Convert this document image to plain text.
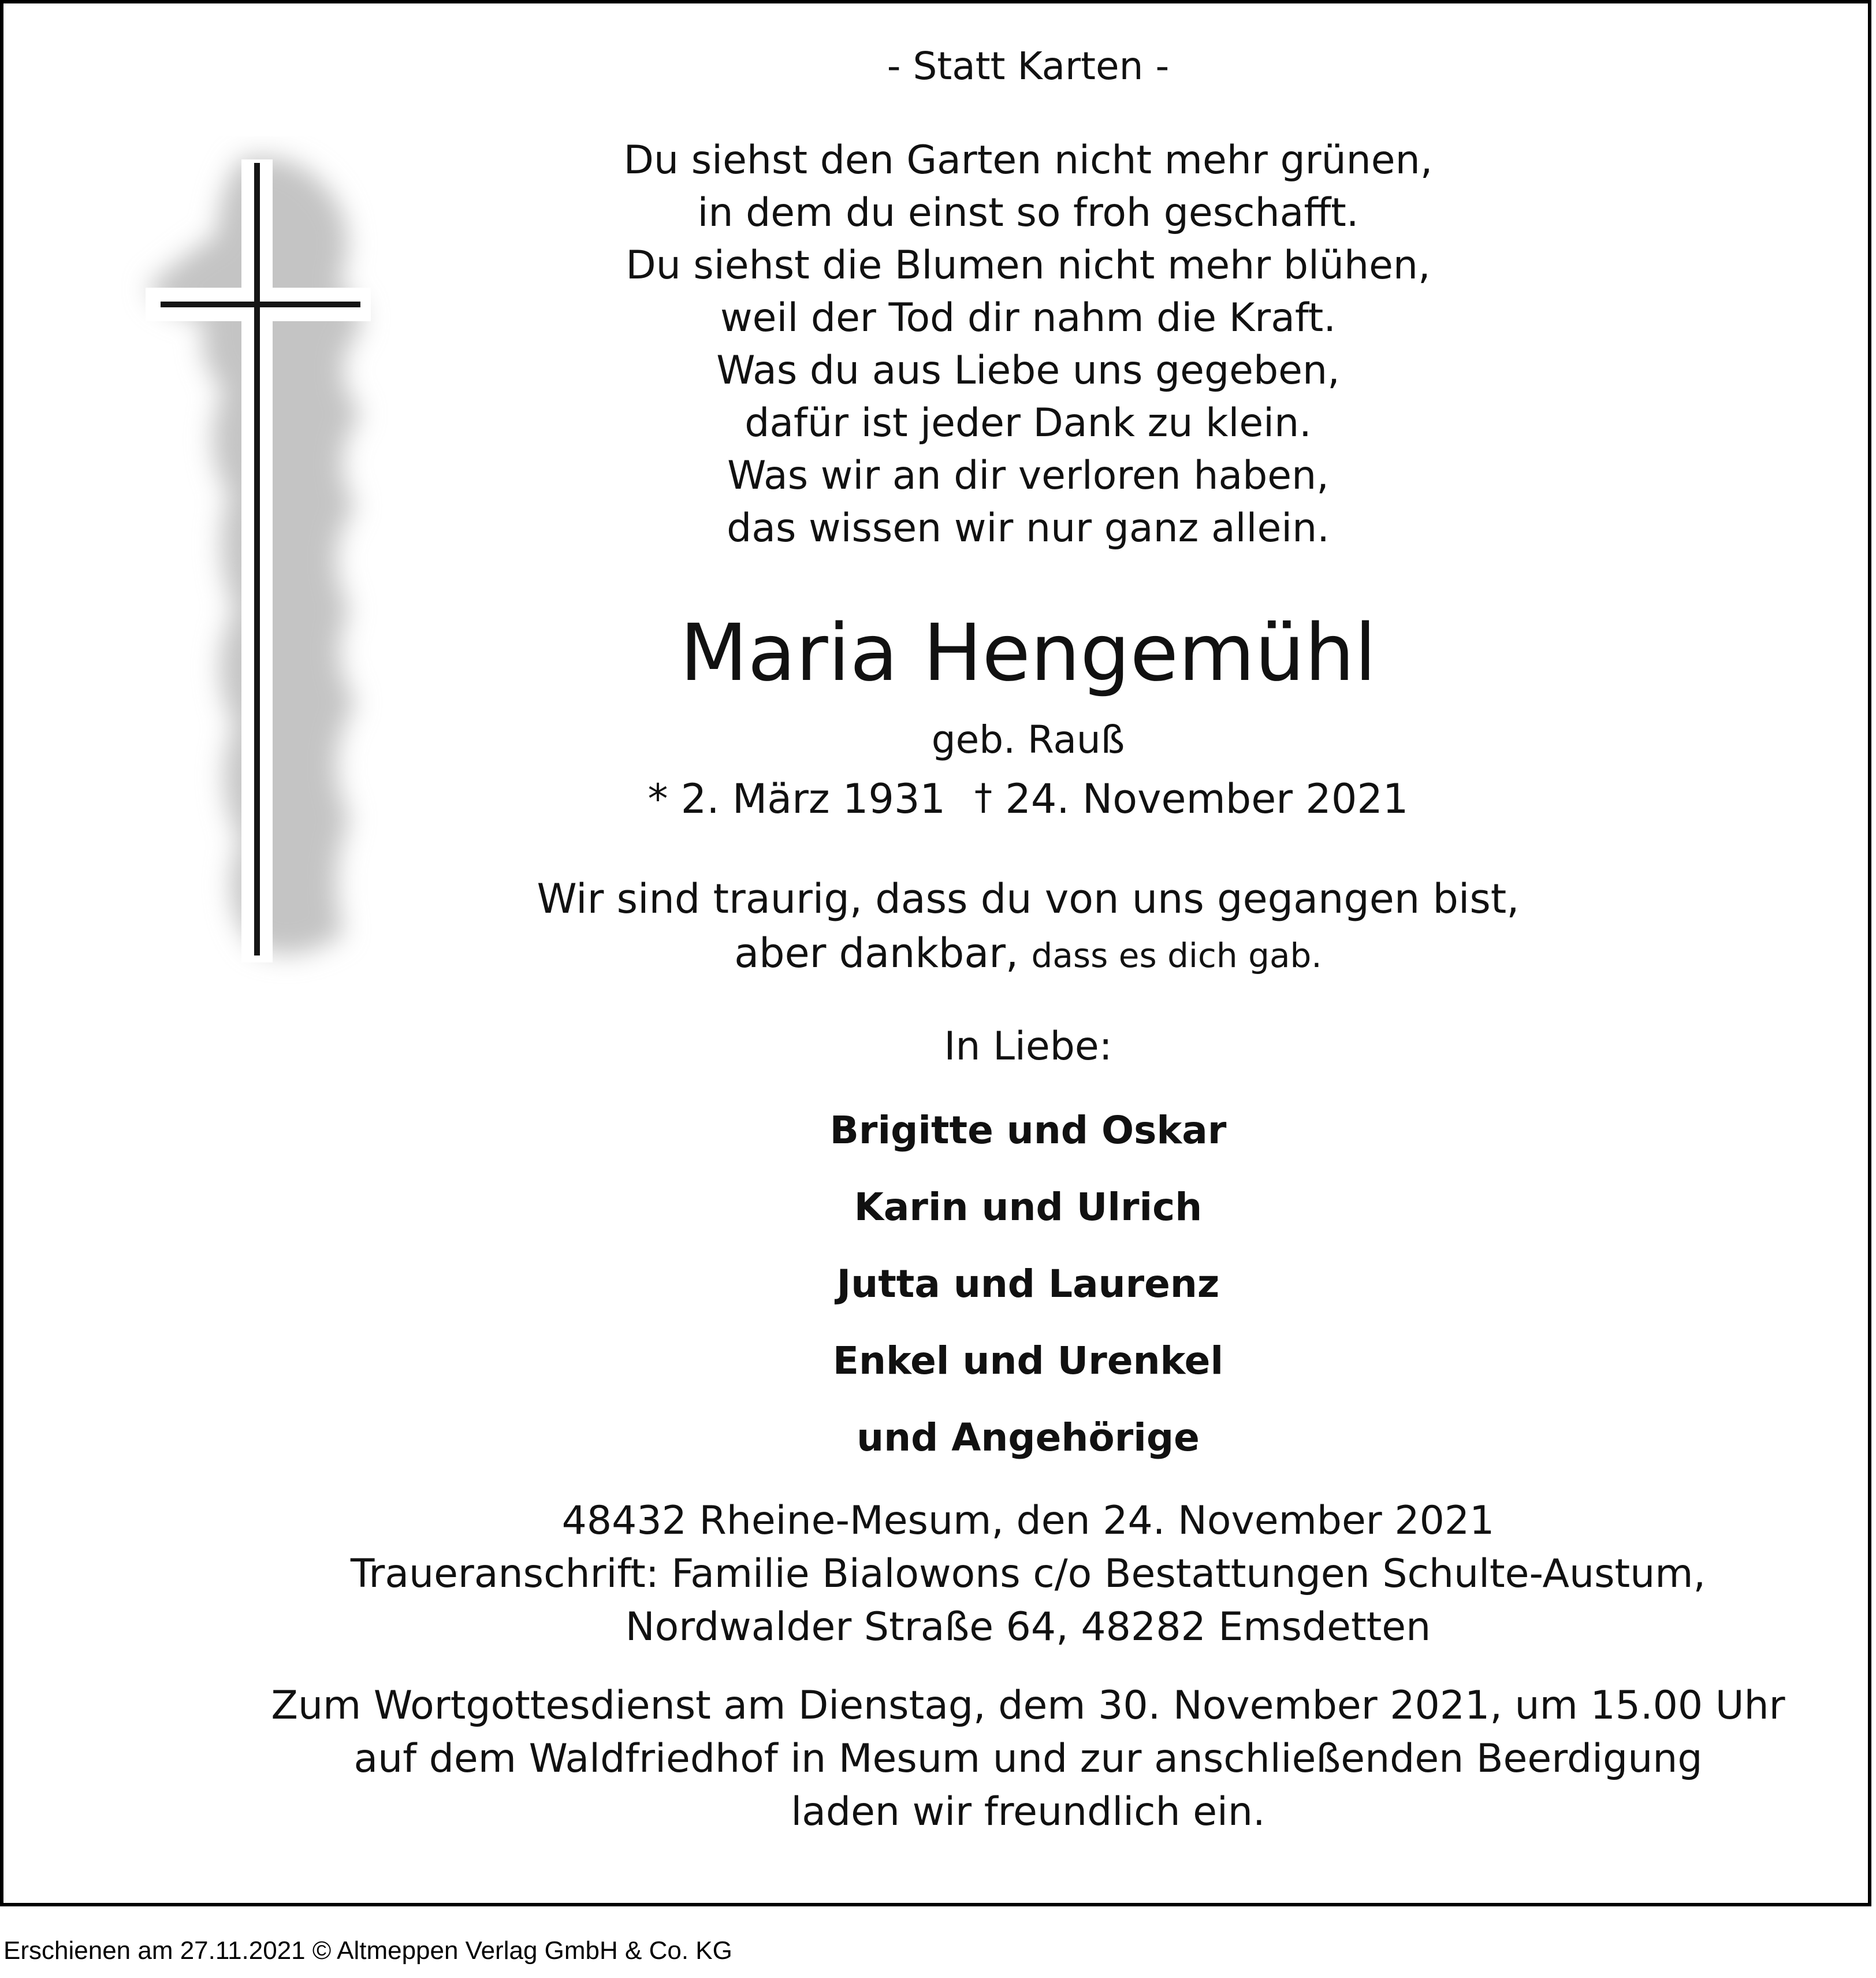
- Statt Karten -
Du siehst den Garten nicht mehr grünen,
in dem du einst so froh geschafft.
Du siehst die Blumen nicht mehr blühen,
weil der Tod dir nahm die Kraft.
Was du aus Liebe uns gegeben,
dafür ist jeder Dank zu klein.
Was wir an dir verloren haben,
das wissen wir nur ganz allein.
Maria Hengemühl
geb. Rauß
* 2. März 1931 † 24. November 2021
Wir sind traurig, dass du von uns gegangen bist,
aber dankbar, dass es dich gab.
In Liebe:
Brigitte und Oskar
Karin und Ulrich
Jutta und Laurenz
Enkel und Urenkel
und Angehörige
48432 Rheine-Mesum, den 24. November 2021
Traueranschrift: Familie Bialowons c/o Bestattungen Schulte-Austum,
Nordwalder Straße 64, 48282 Emsdetten
Zum Wortgottesdienst am Dienstag, dem 30. November 2021, um 15.00 Uhr
auf dem Waldfriedhof in Mesum und zur anschließenden Beerdigung
laden wir freundlich ein.
Erschienen am 27.11.2021 © Altmeppen Verlag GmbH & Co. KG
